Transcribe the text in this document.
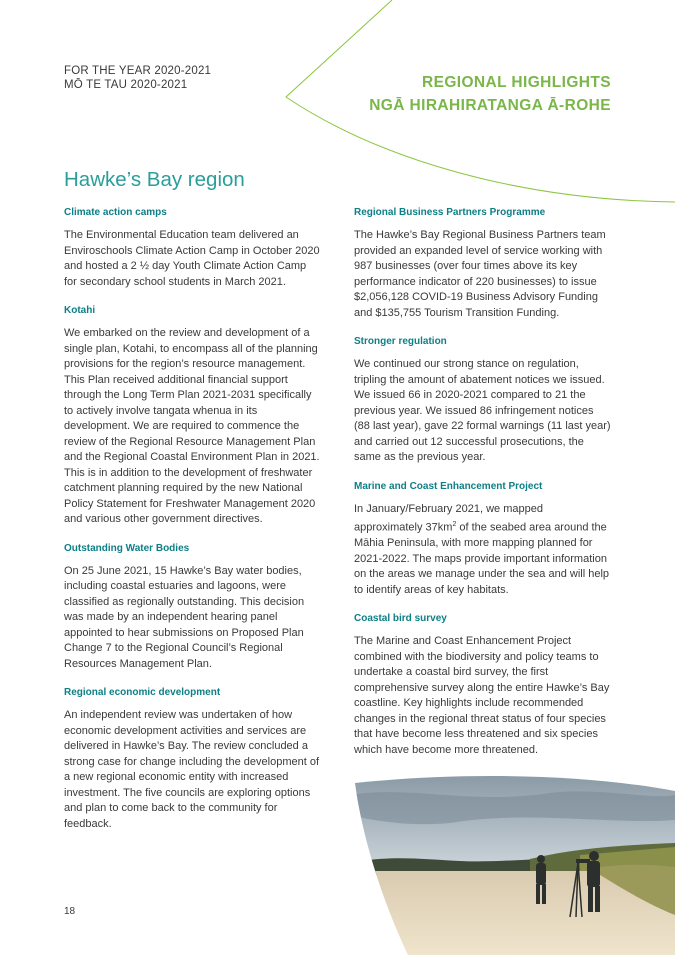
FOR THE YEAR 2020-2021
MŌ TE TAU 2020-2021	REGIONAL HIGHLIGHTS
NGĀ HIRAHIRATANGA Ā-ROHE
Hawke’s Bay region
Climate action camps

The Environmental Education team delivered an Enviroschools Climate Action Camp in October 2020 and hosted a 2 ½ day Youth Climate Action Camp for secondary school students in March 2021.

Kotahi

We embarked on the review and development of a single plan, Kotahi, to encompass all of the planning provisions for the region’s resource management. This Plan received additional financial support through the Long Term Plan 2021-2031 specifically to actively involve tangata whenua in its development. We are required to commence the review of the Regional Resource Management Plan and the Regional Coastal Environment Plan in 2021. This is in addition to the development of freshwater catchment planning required by the new National Policy Statement for Freshwater Management 2020 and various other government directives.

Outstanding Water Bodies

On 25 June 2021, 15 Hawke’s Bay water bodies, including coastal estuaries and lagoons, were classified as regionally outstanding. This decision was made by an independent hearing panel appointed to hear submissions on Proposed Plan Change 7 to the Regional Council’s Regional Resources Management Plan.

Regional economic development

An independent review was undertaken of how economic development activities and services are delivered in Hawke’s Bay. The review concluded a strong case for change including the development of a new regional economic entity with increased investment. The five councils are exploring options and plan to come back to the community for feedback.

Regional Business Partners Programme

The Hawke’s Bay Regional Business Partners team provided an expanded level of service working with 987 businesses (over four times above its key performance indicator of 220 businesses) to issue $2,056,128 COVID-19 Business Advisory Funding and $135,755 Tourism Transition Funding.

Stronger regulation

We continued our strong stance on regulation, tripling the amount of abatement notices we issued. We issued 66 in 2020-2021 compared to 21 the previous year. We issued 86 infringement notices (88 last year), gave 22 formal warnings (11 last year) and carried out 12 successful prosecutions, the same as the previous year.

Marine and Coast Enhancement Project

In January/February 2021, we mapped approximately $37km^2$ of the seabed area around the Māhia Peninsula, with more mapping planned for 2021-2022. The maps provide important information on the areas we manage under the sea and will help to identify areas of key habitats.

Coastal bird survey

The Marine and Coast Enhancement Project combined with the biodiversity and policy teams to undertake a coastal bird survey, the first comprehensive survey along the entire Hawke’s Bay coastline. Key highlights include recommended changes in the regional threat status of four species that have become less threatened and six species which have become more threatened.

18
